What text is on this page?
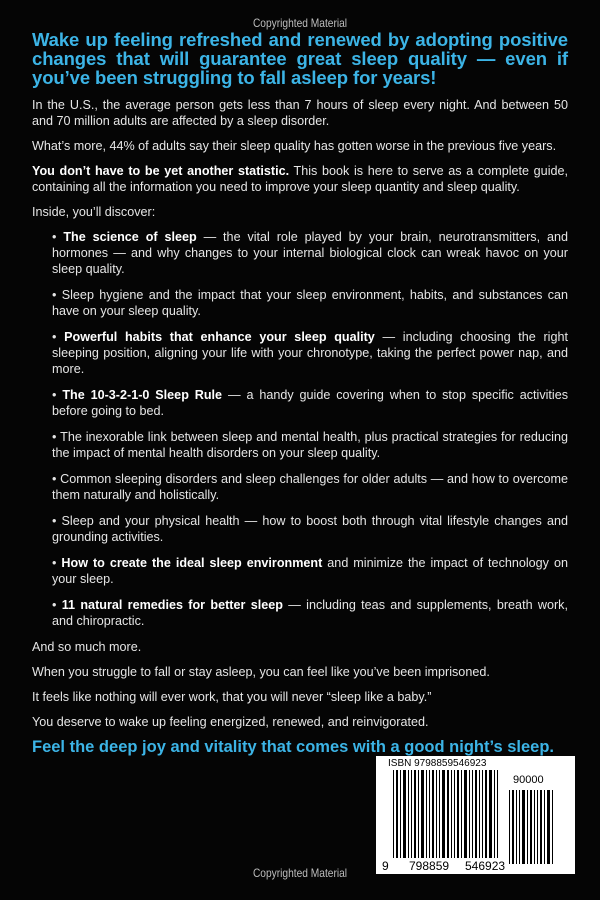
Copyrighted Material
Wake up feeling refreshed and renewed by adopting positive changes that will guarantee great sleep quality — even if you’ve been struggling to fall asleep for years!

In the U.S., the average person gets less than 7 hours of sleep every night. And between 50 and 70 million adults are affected by a sleep disorder.

What’s more, 44% of adults say their sleep quality has gotten worse in the previous five years.

You don’t have to be yet another statistic. This book is here to serve as a complete guide, containing all the information you need to improve your sleep quantity and sleep quality.

Inside, you’ll discover:

• The science of sleep — the vital role played by your brain, neurotransmitters, and hormones — and why changes to your internal biological clock can wreak havoc on your sleep quality.

• Sleep hygiene and the impact that your sleep environment, habits, and substances can have on your sleep quality.

• Powerful habits that enhance your sleep quality — including choosing the right sleeping position, aligning your life with your chronotype, taking the perfect power nap, and more.

• The 10-3-2-1-0 Sleep Rule — a handy guide covering when to stop specific activities before going to bed.

• The inexorable link between sleep and mental health, plus practical strategies for reducing the impact of mental health disorders on your sleep quality.

• Common sleeping disorders and sleep challenges for older adults — and how to overcome them naturally and holistically.

• Sleep and your physical health — how to boost both through vital lifestyle changes and grounding activities.

• How to create the ideal sleep environment and minimize the impact of technology on your sleep.

• 11 natural remedies for better sleep — including teas and supplements, breath work, and chiropractic.

And so much more.

When you struggle to fall or stay asleep, you can feel like you’ve been imprisoned.

It feels like nothing will ever work, that you will never “sleep like a baby.”

You deserve to wake up feeling energized, renewed, and reinvigorated.

Feel the deep joy and vitality that comes with a good night’s sleep.

ISBN 9798859546923
90000
9 798859 546923
Copyrighted Material
